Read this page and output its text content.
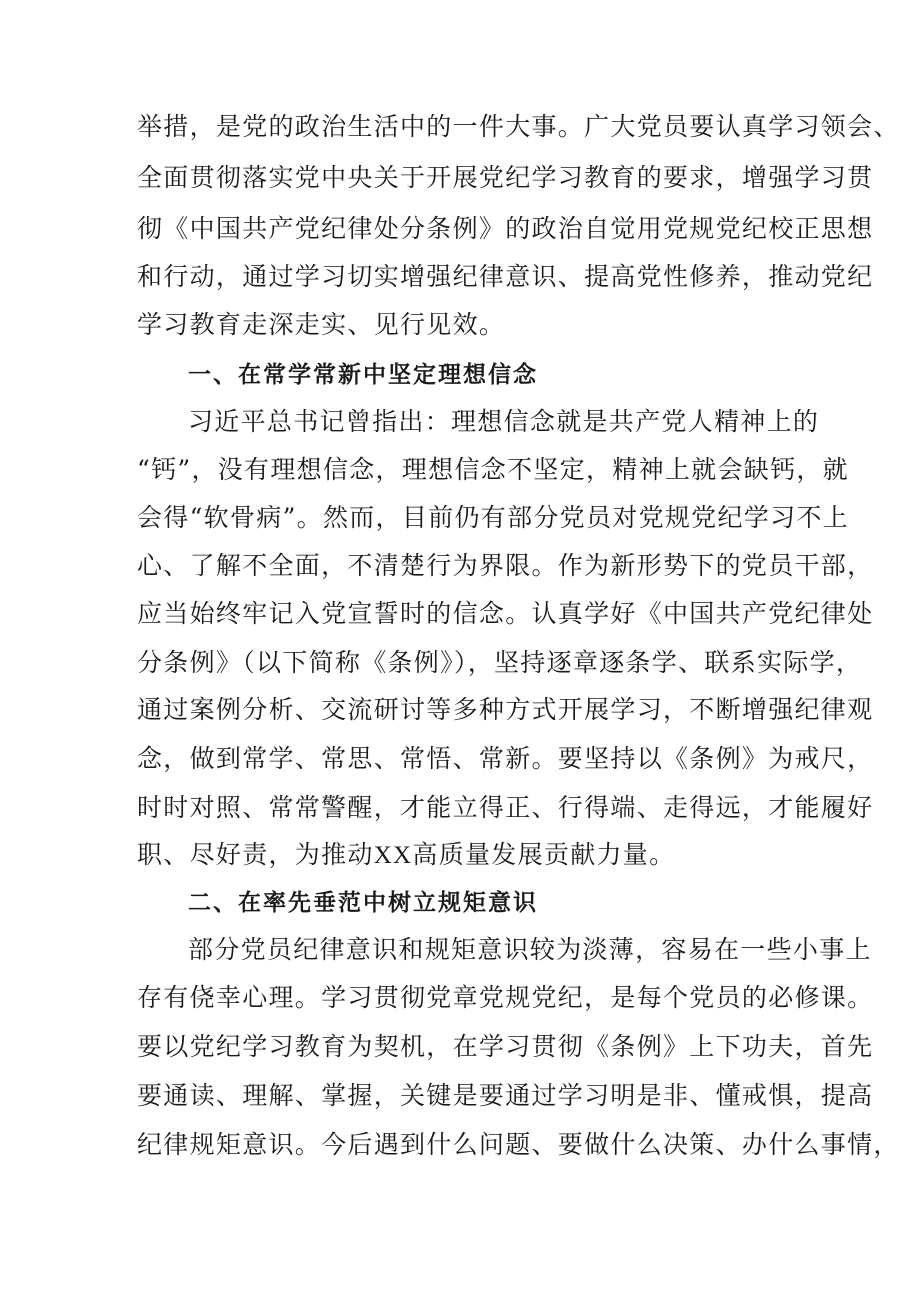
举措，是党的政治生活中的一件大事。广大党员要认真学习领会、
全面贯彻落实党中央关于开展党纪学习教育的要求，增强学习贯
彻《中国共产党纪律处分条例》的政治自觉用党规党纪校正思想
和行动，通过学习切实增强纪律意识、提高党性修养，推动党纪
学习教育走深走实、见行见效。
一、在常学常新中坚定理想信念
习近平总书记曾指出：理想信念就是共产党人精神上的
“钙”，没有理想信念，理想信念不坚定，精神上就会缺钙，就
会得“软骨病”。然而，目前仍有部分党员对党规党纪学习不上
心、了解不全面，不清楚行为界限。作为新形势下的党员干部，
应当始终牢记入党宣誓时的信念。认真学好《中国共产党纪律处
分条例》（以下简称《条例》），坚持逐章逐条学、联系实际学，
通过案例分析、交流研讨等多种方式开展学习，不断增强纪律观
念，做到常学、常思、常悟、常新。要坚持以《条例》为戒尺，
时时对照、常常警醒，才能立得正、行得端、走得远，才能履好
职、尽好责，为推动XX高质量发展贡献力量。
二、在率先垂范中树立规矩意识
部分党员纪律意识和规矩意识较为淡薄，容易在一些小事上
存有侥幸心理。学习贯彻党章党规党纪，是每个党员的必修课。
要以党纪学习教育为契机，在学习贯彻《条例》上下功夫，首先
要通读、理解、掌握，关键是要通过学习明是非、懂戒惧，提高
纪律规矩意识。今后遇到什么问题、要做什么决策、办什么事情，
